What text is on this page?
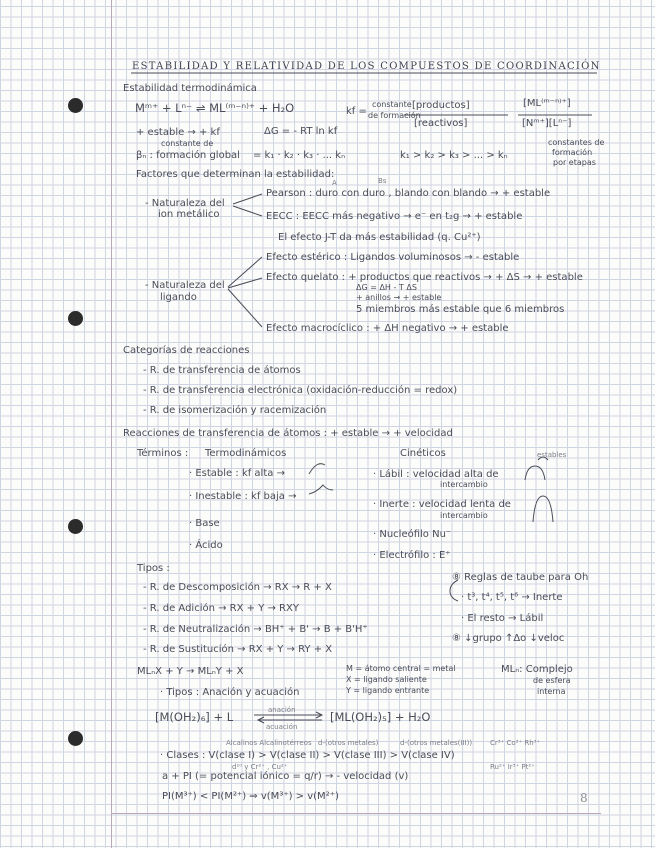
ESTABILIDAD Y RELATIVIDAD DE LOS COMPUESTOS DE COORDINACIÓN
Estabilidad termodinámica
Mᵐ⁺ + Lⁿ⁻ ⇌ ML⁽ᵐ⁻ⁿ⁾⁺ + H₂O	kf =
constante
de formación
[productos]
[reactivos]
[ML⁽ᵐ⁻ⁿ⁾⁺]
[Nᵐ⁺][Lⁿ⁻]
+ estable → + kf	ΔG = - RT ln kf
constante de
βₙ : formación global = k₁ · k₂ · k₃ · ... kₙ	k₁ > k₂ > k₃ > ... > kₙ
constantes de
formación
por etapas
Factores que determinan la estabilidad:
- Naturaleza del
ion metálico
A	Bs
Pearson : duro con duro , blando con blando → + estable
EECC : EECC más negativo → e⁻ en t₂g → + estable
El efecto J-T da más estabilidad (q. Cu²⁺)
- Naturaleza del
ligando
Efecto estérico : Ligandos voluminosos → - estable
Efecto quelato : + productos que reactivos → + ΔS → + estable
ΔG = ΔH - T ΔS
+ anillos → + estable
5 miembros más estable que 6 miembros
Efecto macrocíclico : + ΔH negativo → + estable
Categorías de reacciones
- R. de transferencia de átomos
- R. de transferencia electrónica (oxidación-reducción = redox)
- R. de isomerización y racemización
Reacciones de transferencia de átomos : + estable → + velocidad
Términos : Termodinámicos	Cinéticos	estables
· Estable : kf alta →
· Inestable : kf baja →
· Base
· Ácido
· Lábil : velocidad alta de
intercambio
· Inerte : velocidad lenta de
intercambio
· Nucleófilo Nu⁻
· Electrófilo : E⁺
Tipos :
- R. de Descomposición → RX → R + X
- R. de Adición → RX + Y → RXY
- R. de Neutralización → BH⁺ + B' → B + B'H⁺
- R. de Sustitución → RX + Y → RY + X
⑧ Reglas de taube para Oh
· t³, t⁴, t⁵, t⁶ → Inerte
· El resto → Lábil
⑧ ↓grupo ↑Δo ↓veloc
MLₙX + Y → MLₙY + X	M = átomo central = metal
X = ligando saliente
Y = ligando entrante
MLₙ: Complejo
de esfera
interna
· Tipos : Anación y acuación
anación
acuación
[M(OH₂)₆] + L	[ML(OH₂)₅] + H₂O
Alcalinos Alcalinotérreos d-(otros metales)	d-(otros metales(III))	Cr³⁺ Co³⁺ Rh³⁺
· Clases : V(clase I) > V(clase II) > V(clase III) > V(clase IV)
d¹⁰ y Cr²⁺ , Cu²⁺	Ru²⁺ Ir³⁺ Pt²⁺
a + PI (= potencial iónico = q/r) → - velocidad (v)
PI(M³⁺) < PI(M²⁺) ⇒ v(M³⁺) > v(M²⁺)	8
